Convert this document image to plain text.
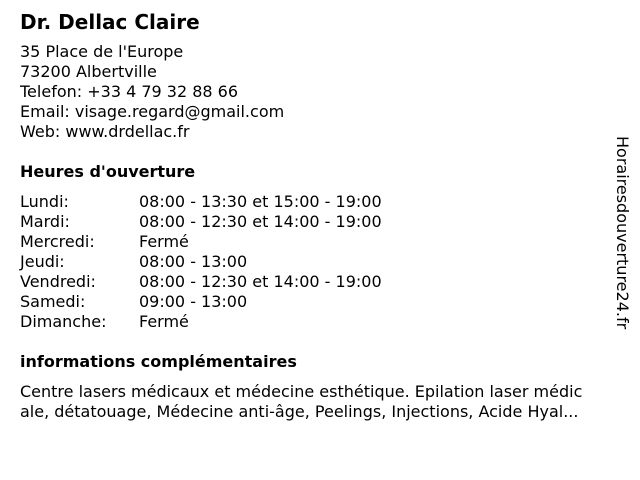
Dr. Dellac Claire
35 Place de l'Europe
73200 Albertville
Telefon: +33 4 79 32 88 66
Email: visage.regard@gmail.com
Web: www.drdellac.fr
Heures d'ouverture
Lundi:	08:00 - 13:30 et 15:00 - 19:00
Mardi:	08:00 - 12:30 et 14:00 - 19:00
Mercredi:	Fermé
Jeudi:	08:00 - 13:00
Vendredi:	08:00 - 12:30 et 14:00 - 19:00
Samedi:	09:00 - 13:00
Dimanche:	Fermé
informations complémentaires
Centre lasers médicaux et médecine esthétique. Epilation laser médic
ale, détatouage, Médecine anti-âge, Peelings, Injections, Acide Hyal...
Horairesdouverture24.fr
